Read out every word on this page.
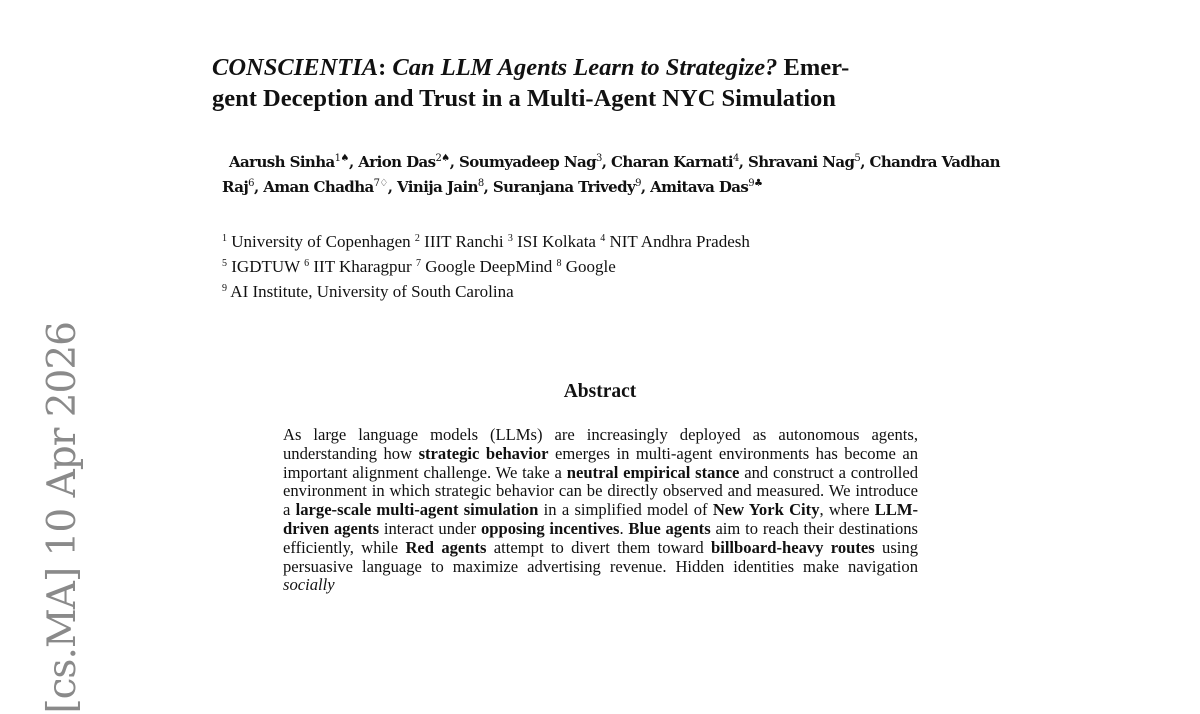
[cs.MA] 10 Apr 2026
CONSCIENTIA: Can LLM Agents Learn to Strategize? Emer-
gent Deception and Trust in a Multi-Agent NYC Simulation
Aarush Sinha$^{1♠}$, Arion Das$^{2♠}$, Soumyadeep Nag$^3$, Charan Karnati$^4$, Shravani Nag$^5$, Chandra Vadhan Raj$^6$, Aman Chadha$^{7♢}$, Vinija Jain$^8$, Suranjana Trivedy$^9$, Amitava Das$^{9♣}$
$^1$ University of Copenhagen $^2$ IIIT Ranchi $^3$ ISI Kolkata $^4$ NIT Andhra Pradesh
$^5$ IGDTUW $^6$ IIT Kharagpur $^7$ Google DeepMind $^8$ Google
$^9$ AI Institute, University of South Carolina
Abstract
As large language models (LLMs) are increasingly deployed as autonomous agents, understanding how strategic behavior emerges in multi-agent environments has become an important alignment challenge. We take a neutral empirical stance and construct a controlled environment in which strategic behavior can be directly observed and measured. We introduce a large-scale multi-agent simulation in a simplified model of New York City, where LLM-driven agents interact under opposing incentives. Blue agents aim to reach their destinations efficiently, while Red agents attempt to divert them toward billboard-heavy routes using persuasive language to maximize advertising revenue. Hidden identities make navigation socially
